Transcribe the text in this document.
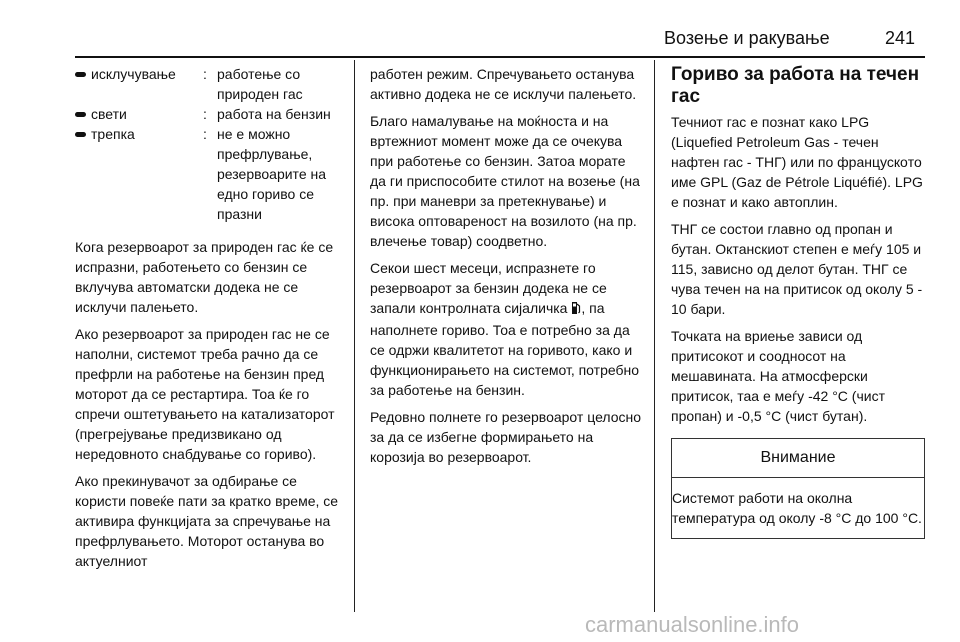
Возење и ракување	241
исклучување : работење со природен гас
свети	: работа на бензин
трепка	: не е можно префрлување, резервоарите на едно гориво се празни

Кога резервоарот за природен гас ќе се испразни, работењето со бензин се вклучува автоматски додека не се исклучи палењето.

Ако резервоарот за природен гас не се наполни, системот треба рачно да се префрли на работење на бензин пред моторот да се рестартира. Тоа ќе го спречи оштетувањето на катализаторот (прегрејување предизвикано од нередовното снабдување со гориво).

Ако прекинувачот за одбирање се користи повеќе пати за кратко време, се активира функцијата за спречување на префрлувањето. Моторот останува во актуелниот

работен режим. Спречувањето останува активно додека не се исклучи палењето.

Благо намалување на моќноста и на вртежниот момент може да се очекува при работење со бензин. Затоа морате да ги приспособите стилот на возење (на пр. при маневри за претекнување) и висока оптовареност на возилото (на пр. влечење товар) соодветно.

Секои шест месеци, испразнете го резервоарот за бензин додека не се запали контролната сијаличка , па наполнете гориво. Тоа е потребно за да се одржи квалитетот на горивото, како и функционирањето на системот, потребно за работење на бензин.

Редовно полнете го резервоарот целосно за да се избегне формирањето на корозија во резервоарот.

Гориво за работа на течен гас

Течниот гас е познат како LPG (Liquefied Petroleum Gas - течен нафтен гас - ТНГ) или по францускoто име GPL (Gaz de Pétrole Liquéfié). LPG е познат и како автоплин.

ТНГ се состои главно од пропан и бутан. Октанскиот степен е меѓу 105 и 115, зависно од делот бутан. ТНГ се чува течен на на притисок од околу 5 - 10 бари.

Точката на вриење зависи од притисокот и соодносот на мешавината. На атмосферски притисок, таа е меѓу -42 °C (чист пропан) и -0,5 °C (чист бутан).

Внимание
Системот работи на околна температура од околу -8 °C до 100 °C.
carmanualsonline.info
